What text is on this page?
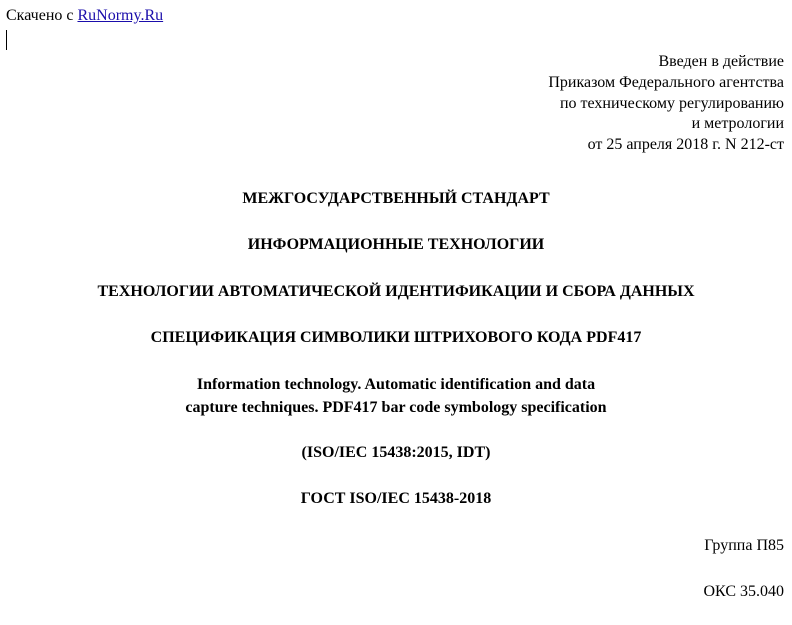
Скачено с RuNormy.Ru
Введен в действие
Приказом Федерального агентства
по техническому регулированию
и метрологии
от 25 апреля 2018 г. N 212-ст
МЕЖГОСУДАРСТВЕННЫЙ СТАНДАРТ
ИНФОРМАЦИОННЫЕ ТЕХНОЛОГИИ
ТЕХНОЛОГИИ АВТОМАТИЧЕСКОЙ ИДЕНТИФИКАЦИИ И СБОРА ДАННЫХ
СПЕЦИФИКАЦИЯ СИМВОЛИКИ ШТРИХОВОГО КОДА PDF417
Information technology. Automatic identification and data
capture techniques. PDF417 bar code symbology specification
(ISO/IEC 15438:2015, IDT)
ГОСТ ISO/IEC 15438-2018
Группа П85
ОКС 35.040
